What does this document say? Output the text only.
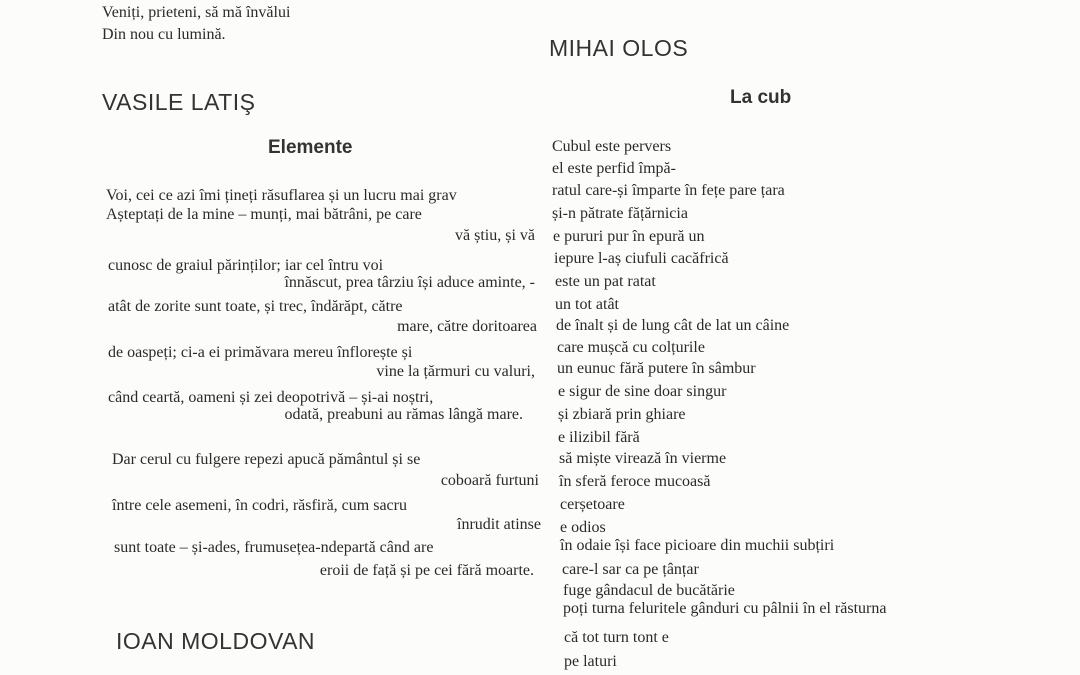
Veniți, prieteni, să mă învălui
Din nou cu lumină.
VASILE LATIŞ
Elemente
Voi, cei ce azi îmi țineți răsuflarea și un lucru mai grav
Așteptați de la mine – munți, mai bătrâni, pe care
vă știu, și vă
cunosc de graiul părinților; iar cel întru voi
înnăscut, prea târziu își aduce aminte, -
atât de zorite sunt toate, și trec, îndărăpt, către
mare, către doritoarea
de oaspeți; ci-a ei primăvara mereu înflorește și
vine la țărmuri cu valuri,
când ceartă, oameni și zei deopotrivă – și-ai noștri,
odată, preabuni au rămas lângă mare.
Dar cerul cu fulgere repezi apucă pământul și se
coboară furtuni
între cele asemeni, în codri, răsfiră, cum sacru
înrudit atinse
sunt toate – și-ades, frumusețea-ndepartă când are
eroii de față și pe cei fără moarte.
IOAN MOLDOVAN
MIHAI OLOS
La cub
Cubul este pervers
el este perfid împă-
ratul care-și împarte în fețe pare țara
și-n pătrate fățărnicia
e pururi pur în epură un
iepure l-aș ciufuli cacăfrică
este un pat ratat
un tot atât
de înalt și de lung cât de lat un câine
care mușcă cu colțurile
un eunuc fără putere în sâmbur
e sigur de sine doar singur
și zbiară prin ghiare
e ilizibil fără
să miște virează în vierme
în sferă feroce mucoasă
cerșetoare
e odios
în odaie își face picioare din muchii subțiri
care-l sar ca pe țânțar
fuge gândacul de bucătărie
poți turna feluritele gânduri cu pâlnii în el răsturna
că tot turn tont e
pe laturi
